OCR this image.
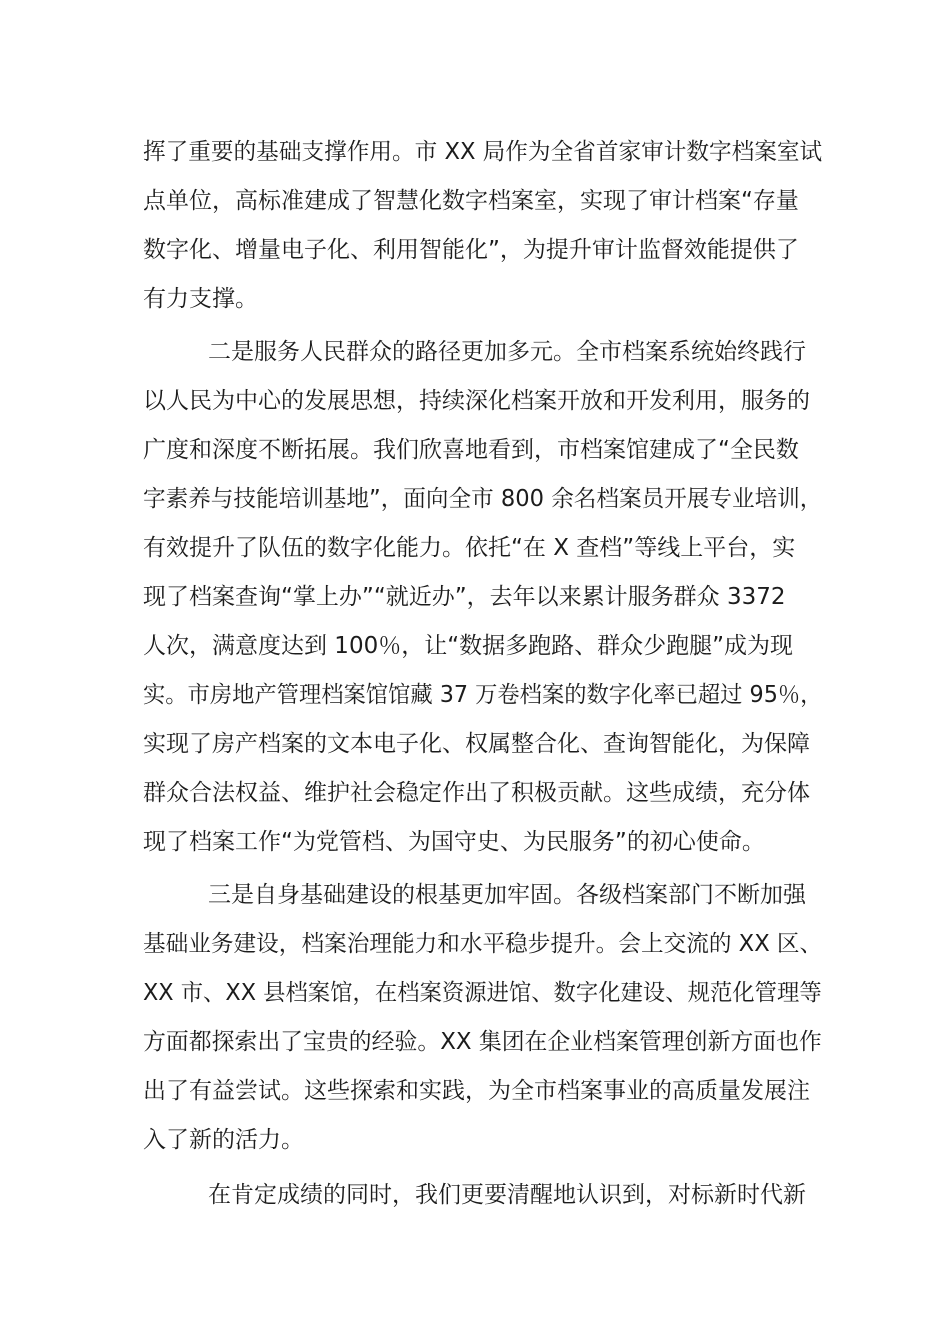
挥了重要的基础支撑作用。市 XX 局作为全省首家审计数字档案室试
点单位，高标准建成了智慧化数字档案室，实现了审计档案“存量
数字化、增量电子化、利用智能化”，为提升审计监督效能提供了
有力支撑。
二是服务人民群众的路径更加多元。全市档案系统始终践行
以人民为中心的发展思想，持续深化档案开放和开发利用，服务的
广度和深度不断拓展。我们欣喜地看到，市档案馆建成了“全民数
字素养与技能培训基地”，面向全市 800 余名档案员开展专业培训，
有效提升了队伍的数字化能力。依托“在 X 查档”等线上平台，实
现了档案查询“掌上办”“就近办”，去年以来累计服务群众 3372
人次，满意度达到 100％，让“数据多跑路、群众少跑腿”成为现
实。市房地产管理档案馆馆藏 37 万卷档案的数字化率已超过 95％，
实现了房产档案的文本电子化、权属整合化、查询智能化，为保障
群众合法权益、维护社会稳定作出了积极贡献。这些成绩，充分体
现了档案工作“为党管档、为国守史、为民服务”的初心使命。
三是自身基础建设的根基更加牢固。各级档案部门不断加强
基础业务建设，档案治理能力和水平稳步提升。会上交流的 XX 区、
XX 市、XX 县档案馆，在档案资源进馆、数字化建设、规范化管理等
方面都探索出了宝贵的经验。XX 集团在企业档案管理创新方面也作
出了有益尝试。这些探索和实践，为全市档案事业的高质量发展注
入了新的活力。
在肯定成绩的同时，我们更要清醒地认识到，对标新时代新
